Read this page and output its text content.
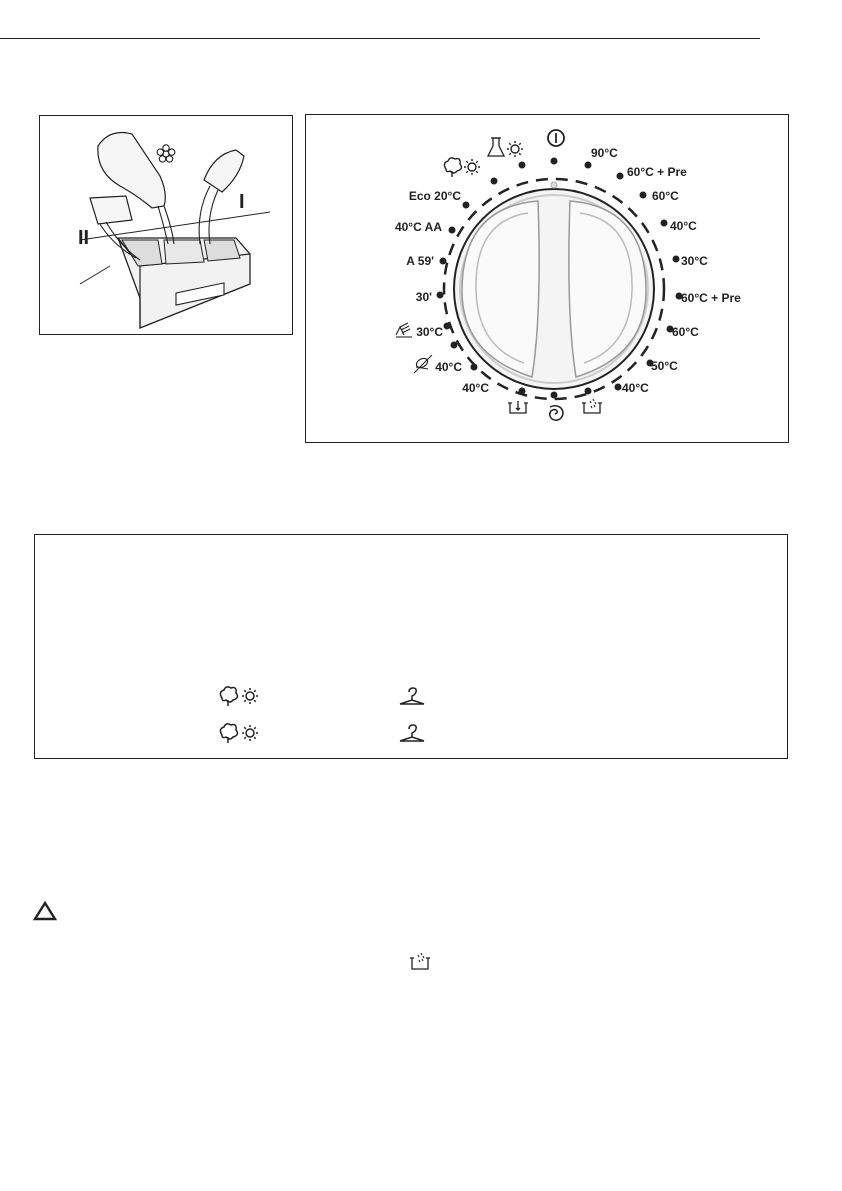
II
I
90°C
60°C + Pre
60°C
40°C
30°C
60°C + Pre
60°C
50°C
40°C
Eco 20°C
40°C AA
A 59'
30'
30°C
40°C
40°C
